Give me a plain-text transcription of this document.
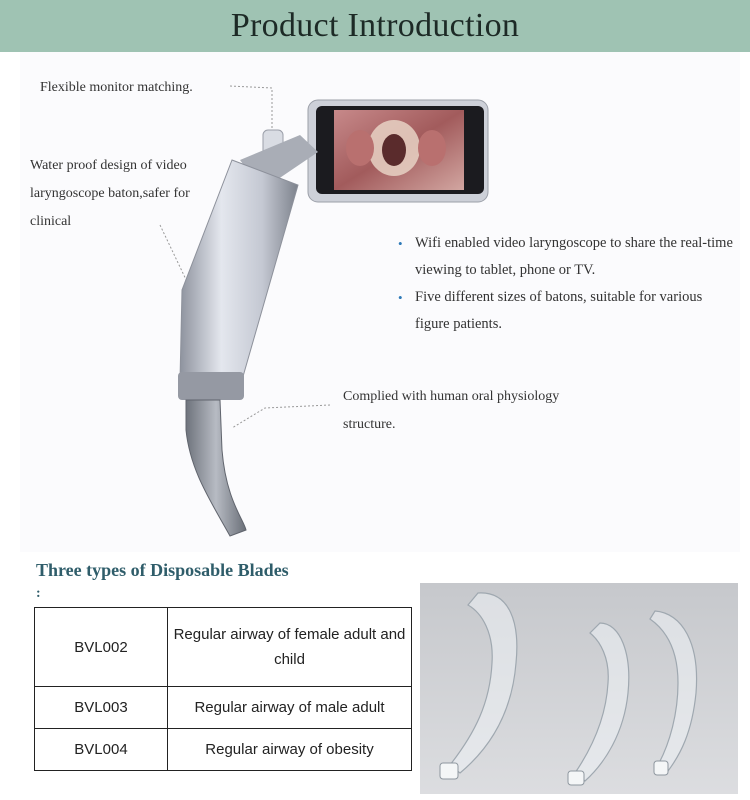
Product Introduction
Flexible monitor matching.
Water proof design of video laryngoscope baton,safer for clinical
Complied with human oral physiology structure.
• Wifi enabled video laryngoscope to share the real-time viewing to tablet, phone or TV.
• Five different sizes of batons, suitable for various figure patients.
Three types of Disposable Blades
:
BVL002	Regular airway of female adult and child
BVL003	Regular airway of male adult
BVL004	Regular airway of obesity
